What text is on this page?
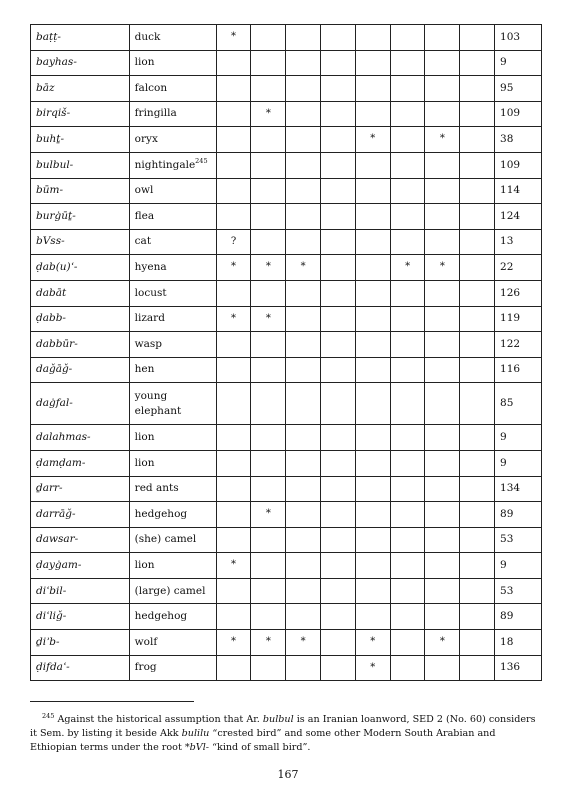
baṭṭ-	duck	*								103
bayhas-	lion									9
bāz	falcon									95
birqiš-	fringilla		*							109
buhṯ-	oryx					*		*		38
bulbul-	nightingale$^{245}$									109
būm-	owl									114
burġūṯ-	flea									124
bVss-	cat	?								13
ḍab(u)ʿ-	hyena	*	*	*			*	*		22
dabāt	locust									126
ḍabb-	lizard	*	*							119
dabbūr-	wasp									122
daǧāǧ-	hen									116
daġfal-	young elephant									85
dalahmas-	lion									9
ḍamḍam-	lion									9
ḏarr-	red ants									134
darrāǧ-	hedgehog		*							89
dawsar-	(she) camel									53
ḍayġam-	lion	*								9
diʿbil-	(large) camel									53
diʿliǧ-	hedgehog									89
ḏiʾb-	wolf	*	*	*		*		*		18
ḍifdaʿ-	frog					*				136
$^{245}$ Against the historical assumption that Ar. bulbul is an Iranian loanword, SED 2 (No. 60) considers it Sem. by listing it beside Akk bulilu “crested bird” and some other Modern South Arabian and Ethiopian terms under the root *bVl- “kind of small bird”.
167
